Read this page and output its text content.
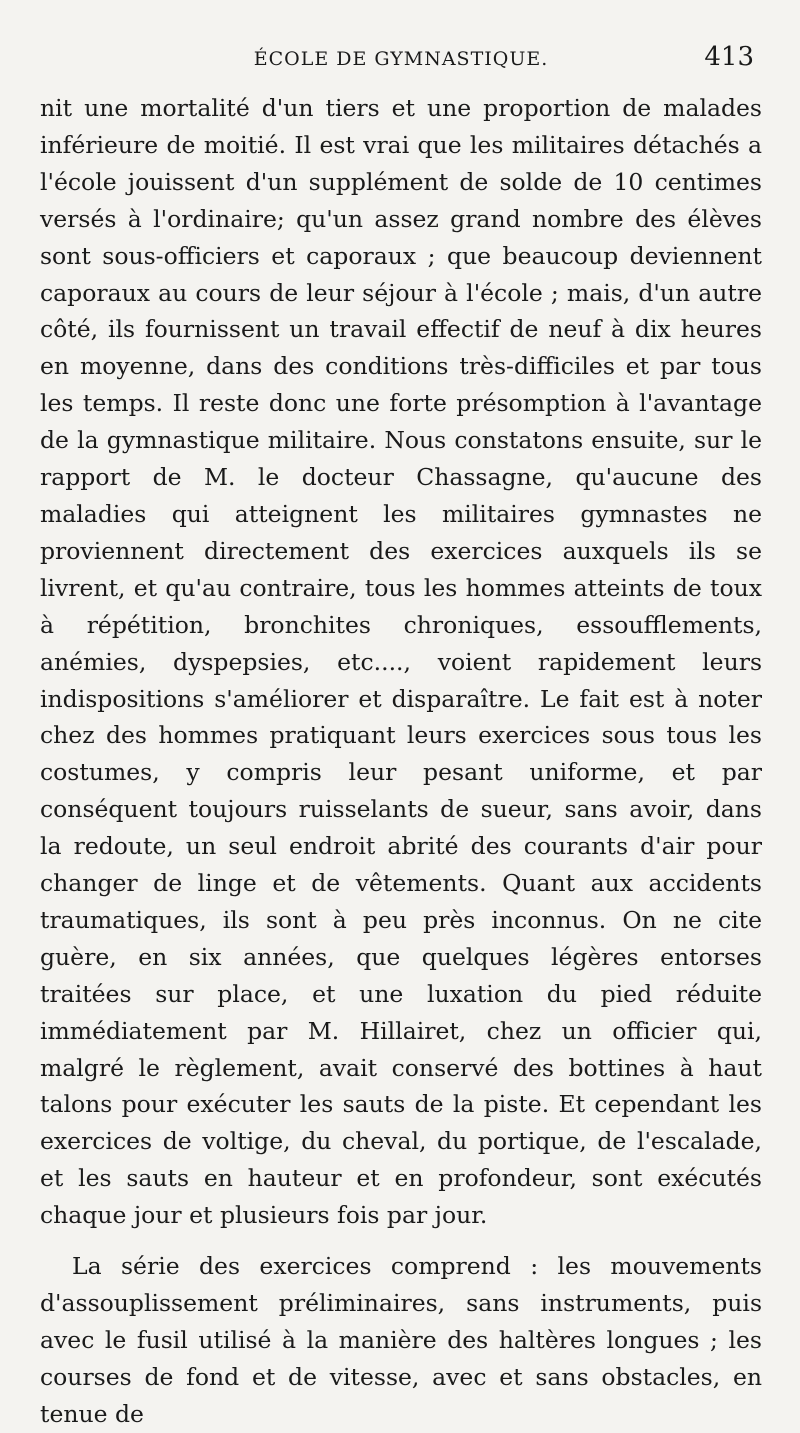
ÉCOLE DE GYMNASTIQUE.	413

nit une mortalité d'un tiers et une proportion de malades inférieure de moitié. Il est vrai que les militaires détachés a l'école jouissent d'un supplément de solde de 10 centimes versés à l'ordinaire; qu'un assez grand nombre des élèves sont sous-officiers et caporaux ; que beaucoup deviennent caporaux au cours de leur séjour à l'école ; mais, d'un autre côté, ils fournissent un travail effectif de neuf à dix heures en moyenne, dans des conditions très-difficiles et par tous les temps. Il reste donc une forte présomption à l'avantage de la gymnastique militaire. Nous constatons ensuite, sur le rapport de M. le docteur Chassagne, qu'aucune des maladies qui atteignent les militaires gymnastes ne proviennent directement des exercices auxquels ils se livrent, et qu'au contraire, tous les hommes atteints de toux à répétition, bronchites chroniques, essoufflements, anémies, dyspepsies, etc...., voient rapidement leurs indispositions s'améliorer et disparaître. Le fait est à noter chez des hommes pratiquant leurs exercices sous tous les costumes, y compris leur pesant uniforme, et par conséquent toujours ruisselants de sueur, sans avoir, dans la redoute, un seul endroit abrité des courants d'air pour changer de linge et de vêtements. Quant aux accidents traumatiques, ils sont à peu près inconnus. On ne cite guère, en six années, que quelques légères entorses traitées sur place, et une luxation du pied réduite immédiatement par M. Hillairet, chez un officier qui, malgré le règlement, avait conservé des bottines à haut talons pour exécuter les sauts de la piste. Et cependant les exercices de voltige, du cheval, du portique, de l'escalade, et les sauts en hauteur et en profondeur, sont exécutés chaque jour et plusieurs fois par jour.

La série des exercices comprend : les mouvements d'assouplissement préliminaires, sans instruments, puis avec le fusil utilisé à la manière des haltères longues ; les courses de fond et de vitesse, avec et sans obstacles, en tenue de
